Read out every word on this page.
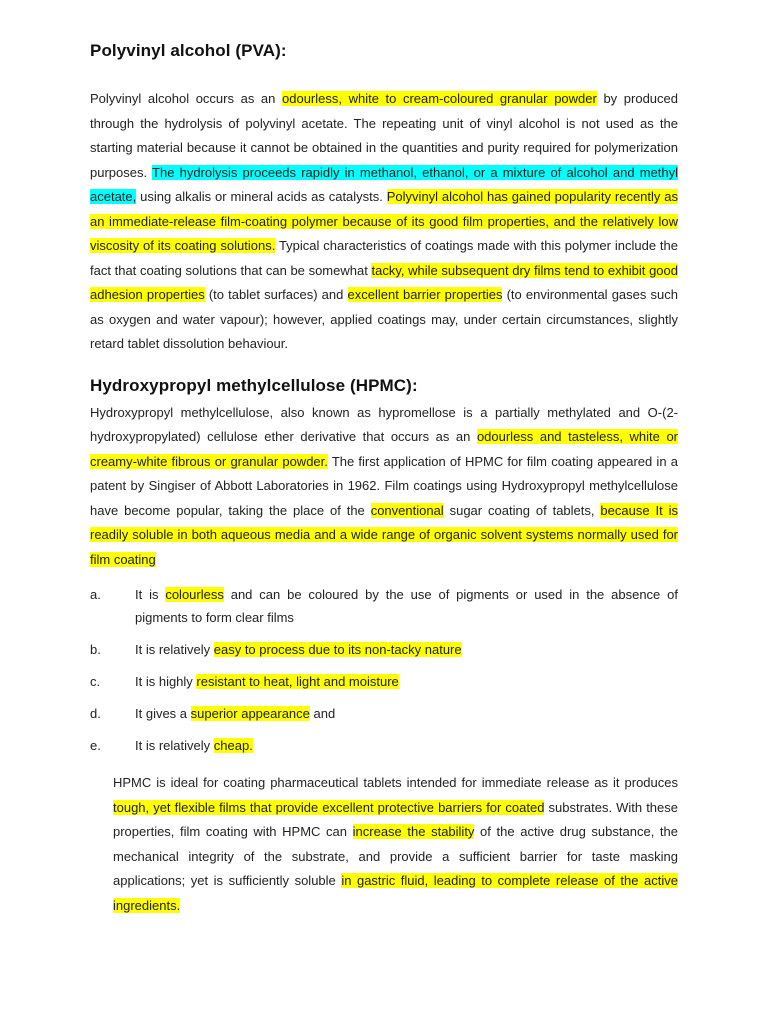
Polyvinyl alcohol (PVA):

Polyvinyl alcohol occurs as an odourless, white to cream-coloured granular powder by produced through the hydrolysis of polyvinyl acetate. The repeating unit of vinyl alcohol is not used as the starting material because it cannot be obtained in the quantities and purity required for polymerization purposes. The hydrolysis proceeds rapidly in methanol, ethanol, or a mixture of alcohol and methyl acetate, using alkalis or mineral acids as catalysts. Polyvinyl alcohol has gained popularity recently as an immediate-release film-coating polymer because of its good film properties, and the relatively low viscosity of its coating solutions. Typical characteristics of coatings made with this polymer include the fact that coating solutions that can be somewhat tacky, while subsequent dry films tend to exhibit good adhesion properties (to tablet surfaces) and excellent barrier properties (to environmental gases such as oxygen and water vapour); however, applied coatings may, under certain circumstances, slightly retard tablet dissolution behaviour.

Hydroxypropyl methylcellulose (HPMC):

Hydroxypropyl methylcellulose, also known as hypromellose is a partially methylated and O-(2-hydroxypropylated) cellulose ether derivative that occurs as an odourless and tasteless, white or creamy-white fibrous or granular powder. The first application of HPMC for film coating appeared in a patent by Singiser of Abbott Laboratories in 1962. Film coatings using Hydroxypropyl methylcellulose have become popular, taking the place of the conventional sugar coating of tablets, because It is readily soluble in both aqueous media and a wide range of organic solvent systems normally used for film coating

a.	It is colourless and can be coloured by the use of pigments or used in the absence of pigments to form clear films
b.	It is relatively easy to process due to its non-tacky nature
c.	It is highly resistant to heat, light and moisture
d.	It gives a superior appearance and
e.	It is relatively cheap.

HPMC is ideal for coating pharmaceutical tablets intended for immediate release as it produces tough, yet flexible films that provide excellent protective barriers for coated substrates. With these properties, film coating with HPMC can increase the stability of the active drug substance, the mechanical integrity of the substrate, and provide a sufficient barrier for taste masking applications; yet is sufficiently soluble in gastric fluid, leading to complete release of the active ingredients.
